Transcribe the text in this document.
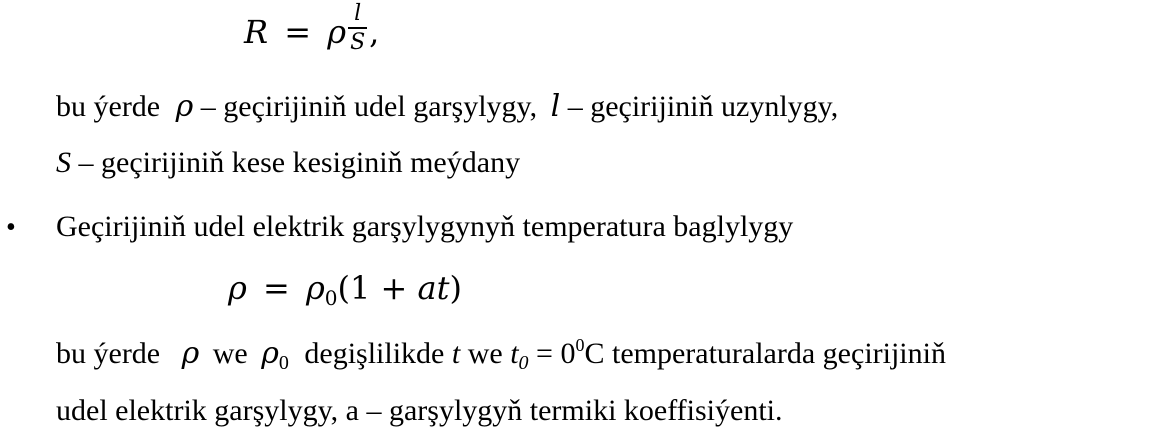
R = ρ $\frac{l}{S}$ ,
bu ýerde ρ – geçirijiniň udel garşylygy, l – geçirijiniň uzynlygy,
S – geçirijiniň kese kesiginiň meýdany
• Geçirijiniň udel elektrik garşylygynyň temperatura baglylygy
$\rho = \rho_0(1 + at)$
bu ýerde ρ we $\rho_0$ degişlilikde t we $t_0 = 0^0C$ temperaturalarda geçirijiniň
udel elektrik garşylygy, a – garşylygyň termiki koeffisiýenti.
